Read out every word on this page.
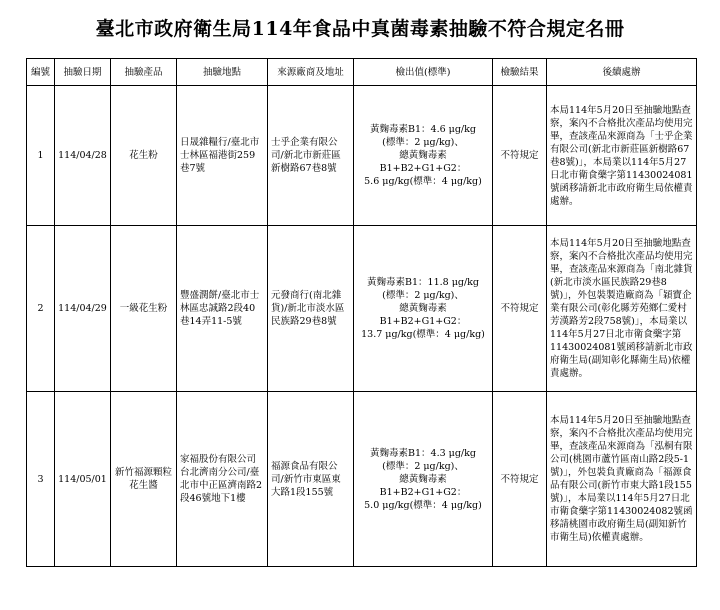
臺北市政府衛生局114年食品中真菌毒素抽驗不符合規定名冊
編號	抽驗日期	抽驗產品	抽驗地點	來源廠商及地址	檢出值(標準)	檢驗結果	後續處辦
1	114/04/28	花生粉	日晟雜糧行/臺北市士林區福港街259巷7號	士乎企業有限公司/新北市新莊區新樹路67巷8號	黃麴毒素B1：4.6 μg/kg
(標準：2 μg/kg)、
總黃麴毒素B1+B2+G1+G2：
5.6 μg/kg(標準：4 μg/kg)	不符規定	本局114年5月20日至抽驗地點查察，案內不合格批次產品均使用完畢，查該產品來源商為「士乎企業有限公司(新北市新莊區新樹路67巷8號)」，本局業以114年5月27日北市衛食藥字第11430024081號函移請新北市政府衛生局依權責處辦。
2	114/04/29	一級花生粉	豐盛潤餅/臺北市士林區忠誠路2段40巷14弄11-5號	元發商行(南北雜貨)/新北市淡水區民族路29巷8號	黃麴毒素B1：11.8 μg/kg
(標準：2 μg/kg)、
總黃麴毒素B1+B2+G1+G2：
13.7 μg/kg(標準：4 μg/kg)	不符規定	本局114年5月20日至抽驗地點查察，案內不合格批次產品均使用完畢，查該產品來源商為「南北雜貨(新北市淡水區民族路29巷8號)」，外包裝製造廠商為「穎寶企業有限公司(彰化縣芳苑鄉仁愛村芳漢路芳2段758號)」，本局業以114年5月27日北市衛食藥字第11430024081號函移請新北市政府衛生局(副知彰化縣衛生局)依權責處辦。
3	114/05/01	新竹福源顆粒花生醬	家福股份有限公司台北濟南分公司/臺北市中正區濟南路2段46號地下1樓	福源食品有限公司/新竹市東區東大路1段155號	黃麴毒素B1：4.3 μg/kg
(標準：2 μg/kg)、
總黃麴毒素B1+B2+G1+G2：
5.0 μg/kg(標準：4 μg/kg)	不符規定	本局114年5月20日至抽驗地點查察，案內不合格批次產品均使用完畢，查該產品來源商為「泓桐有限公司(桃園市蘆竹區南山路2段5-1號)」，外包裝負責廠商為「福源食品有限公司(新竹市東大路1段155號)」，本局業以114年5月27日北市衛食藥字第11430024082號函移請桃園市政府衛生局(副知新竹市衛生局)依權責處辦。
